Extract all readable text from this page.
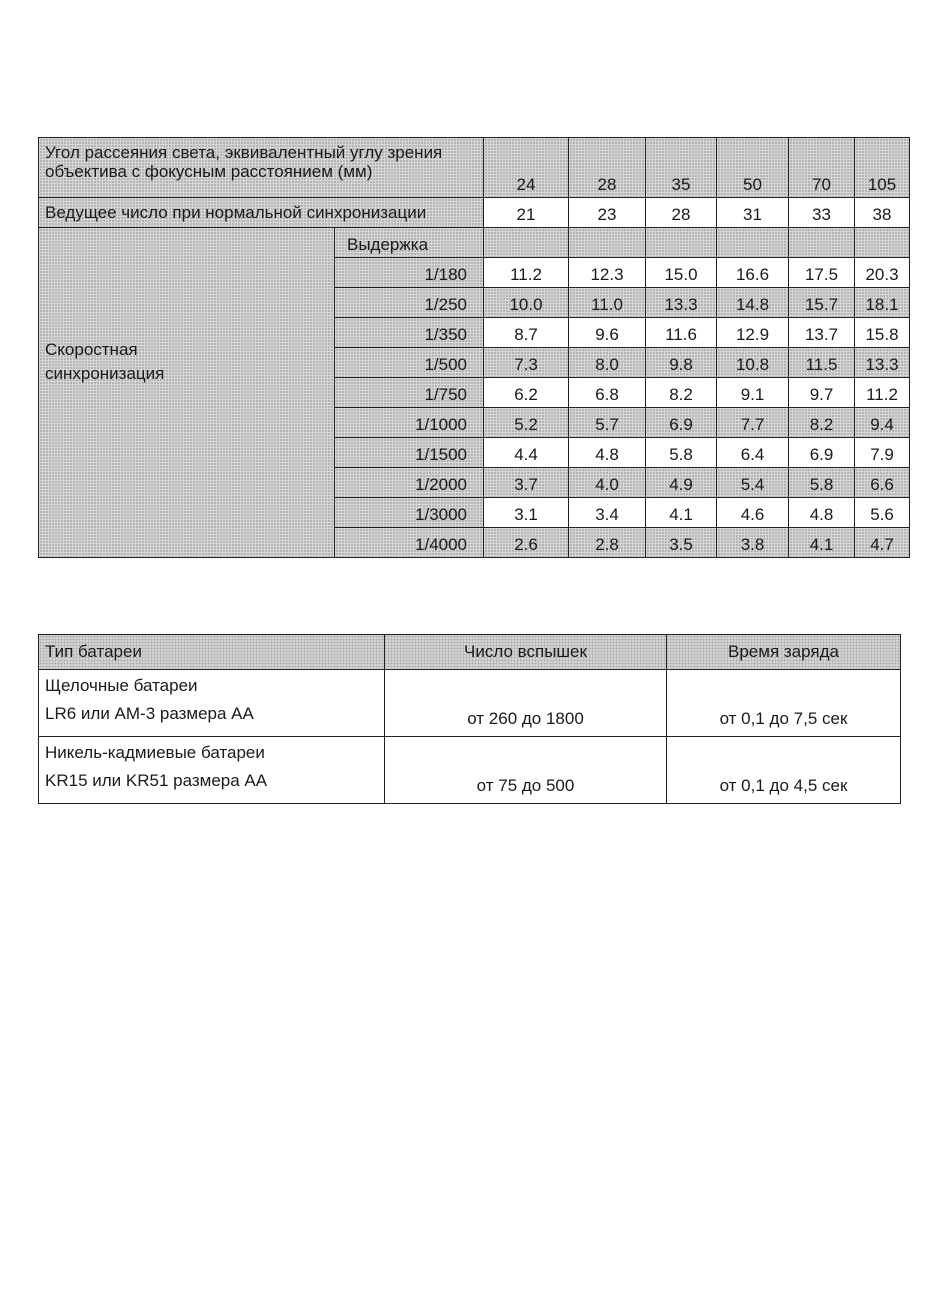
Угол рассеяния света, эквивалентный углу зрения объектива с фокусным расстоянием (мм)		24	28	35	50	70	105
Ведущее число при нормальной синхронизации		21	23	28	31	33	38

Скоростная
синхронизация	Выдержка						
	1/180	11.2	12.3	15.0	16.6	17.5	20.3
	1/250	10.0	11.0	13.3	14.8	15.7	18.1
	1/350	8.7	9.6	11.6	12.9	13.7	15.8
	1/500	7.3	8.0	9.8	10.8	11.5	13.3
	1/750	6.2	6.8	8.2	9.1	9.7	11.2
	1/1000	5.2	5.7	6.9	7.7	8.2	9.4
	1/1500	4.4	4.8	5.8	6.4	6.9	7.9
	1/2000	3.7	4.0	4.9	5.4	5.8	6.6
	1/3000	3.1	3.4	4.1	4.6	4.8	5.6
	1/4000	2.6	2.8	3.5	3.8	4.1	4.7
Тип батареи	Число вспышек	Время заряда

Щелочные батареи
LR6 или AM-3 размера AA	от 260 до 1800	от 0,1 до 7,5 сек

Никель-кадмиевые батареи
KR15 или KR51 размера AA	от 75 до 500	от 0,1 до 4,5 сек
